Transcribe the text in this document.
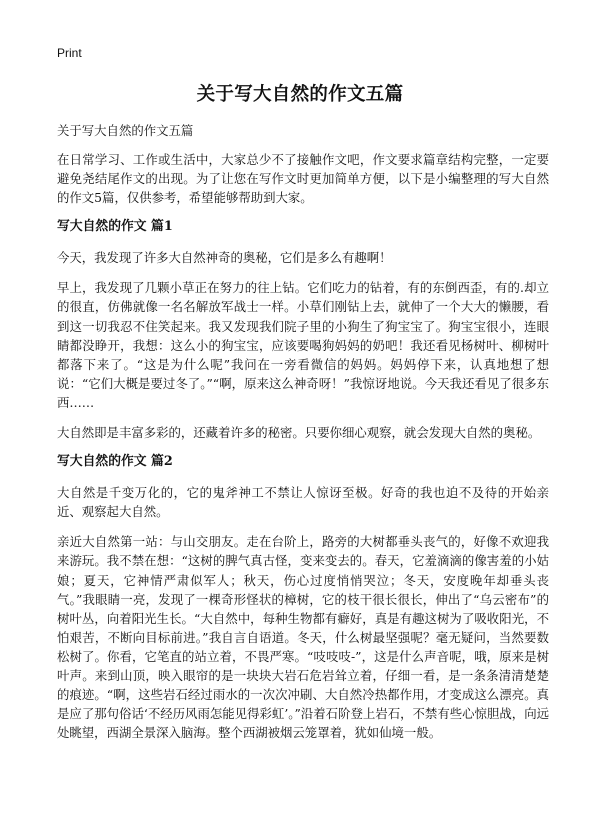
Print
关于写大自然的作文五篇
关于写大自然的作文五篇

在日常学习、工作或生活中，大家总少不了接触作文吧，作文要求篇章结构完整，一定要避免尧结尾作文的出现。为了让您在写作文时更加简单方便，以下是小编整理的写大自然的作文5篇，仅供参考，希望能够帮助到大家。

写大自然的作文 篇1

今天，我发现了许多大自然神奇的奥秘，它们是多么有趣啊！

早上，我发现了几颗小草正在努力的往上钻。它们吃力的钻着，有的东倒西歪，有的.却立的很直，仿佛就像一名名解放军战士一样。小草们刚钻上去，就伸了一个大大的懒腰，看到这一切我忍不住笑起来。我又发现我们院子里的小狗生了狗宝宝了。狗宝宝很小，连眼睛都没睁开，我想：这么小的狗宝宝，应该要喝狗妈妈的奶吧！我还看见杨树叶、柳树叶都落下来了。“这是为什么呢”我问在一旁看微信的妈妈。妈妈停下来，认真地想了想说：“它们大概是要过冬了。”“啊，原来这么神奇呀！”我惊讶地说。今天我还看见了很多东西……

大自然即是丰富多彩的，还藏着许多的秘密。只要你细心观察，就会发现大自然的奥秘。

写大自然的作文 篇2

大自然是千变万化的，它的鬼斧神工不禁让人惊讶至极。好奇的我也迫不及待的开始亲近、观察起大自然。

亲近大自然第一站：与山交朋友。走在台阶上，路旁的大树都垂头丧气的，好像不欢迎我来游玩。我不禁在想：“这树的脾气真古怪，变来变去的。春天，它羞滴滴的像害羞的小姑娘；夏天，它神情严肃似军人；秋天，伤心过度悄悄哭泣；冬天，安度晚年却垂头丧气。”我眼睛一亮，发现了一棵奇形怪状的樟树，它的枝干很长很长，伸出了“乌云密布”的树叶丛，向着阳光生长。“大自然中，每种生物都有癖好，真是有趣这树为了吸收阳光，不怕艰苦，不断向目标前进。”我自言自语道。冬天，什么树最坚强呢？毫无疑问，当然要数松树了。你看，它笔直的站立着，不畏严寒。“吱吱吱-”，这是什么声音呢，哦，原来是树叶声。来到山顶，映入眼帘的是一块块大岩石危岩耸立着，仔细一看，是一条条清清楚楚的痕迹。“啊，这些岩石经过雨水的一次次冲刷、大自然冷热都作用，才变成这么漂亮。真是应了那句俗话‘不经历风雨怎能见得彩虹’。”沿着石阶登上岩石，不禁有些心惊胆战，向远处眺望，西湖全景深入脑海。整个西湖被烟云笼罩着，犹如仙境一般。
